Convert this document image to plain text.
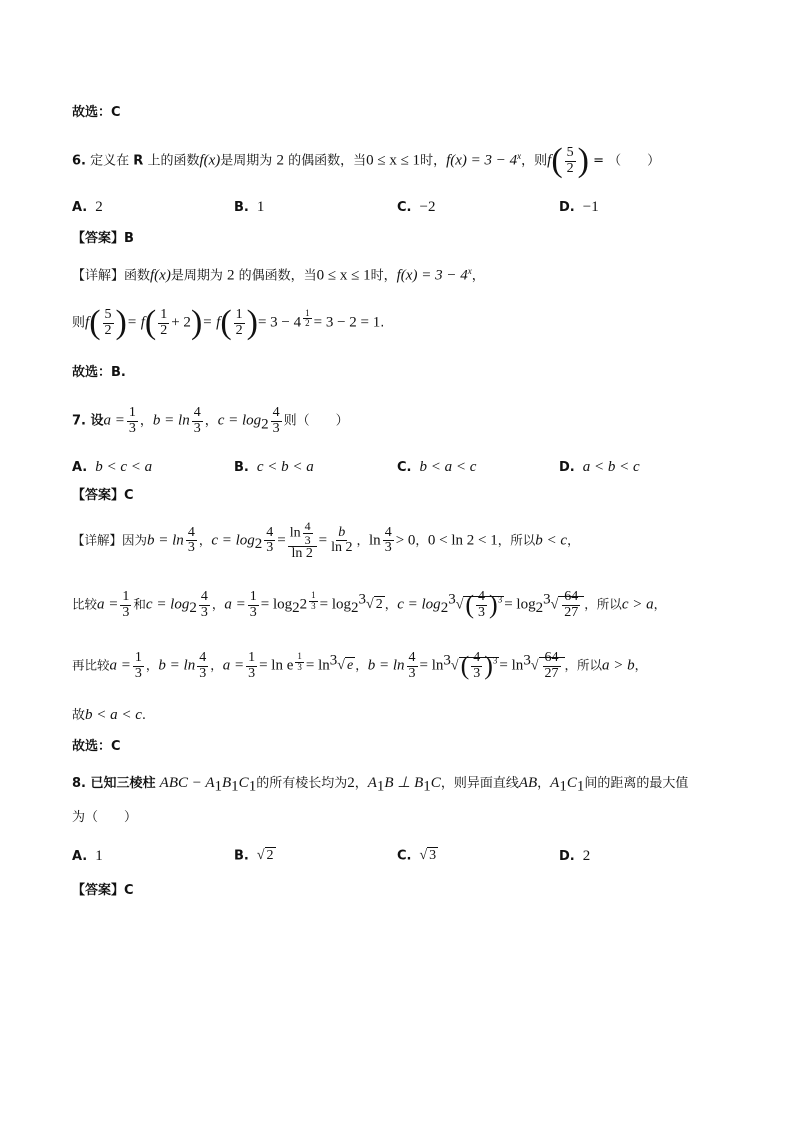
故选：C
6. 定义在 R 上的函数f(x)是周期为 2 的偶函数，当0 ≤ x ≤ 1时，$f(x) = 3 - 4^x$，则$f( \frac{5}{2}$ ) = （　　）
A. 2	B. 1	C. −2	D. −1
【答案】B
【详解】函数f(x)是周期为 2 的偶函数，当0 ≤ x ≤ 1时，$f(x) = 3 - 4^x$，
则$f( \frac{5}{2}$ )= $f( \frac{1}{2} + 2)= f( \frac{1}{2}$ )= 3 − 4 $^{\frac{1}{2}}$ = 3 − 2 = 1.
故选：B.
7. 设$a = \frac{1}{3}$ ，$b = \ln \frac{4}{3}$ ，$c = \log_2 \frac{4}{3}$ 则（　　）
A. b < c < a	B. c < b < a	C. b < a < c	D. a < b < c
【答案】C
【详解】因为$b = \ln \frac{4}{3}$ ，$c = \log_2 \frac{4}{3} = \frac{\ln \frac{4}{3}}{\ln 2} = \frac{b}{\ln 2}$ ，$\ln \frac{4}{3} > 0$，0 < ln 2 < 1，所以b < c，
比较$a = \frac{1}{3}$ 和$c = \log_2 \frac{4}{3}$ ，$a = \frac{1}{3} = \log_22$ $^{\frac{1}{3}} = \log_2^3√$ 2 ，$c = \log_2^3√( \frac{4}{3} )^3 = \log_2^3√ \frac{64}{27}$ ，所以c > a，
再比较$a = \frac{1}{3}$ ，$b = \ln \frac{4}{3}$ ，$a = \frac{1}{3} = \ln e$ $^{\frac{1}{3}} = \ln^3√$ e ，$b = \ln \frac{4}{3} = \ln^3√( \frac{4}{3} )^3 = \ln^3√ \frac{64}{27}$ ，所以a > b，
故b < a < c.
故选：C
8. 已知三棱柱 ABC − $A_1B_1C_1$的所有棱长均为2，$A_1B$ ⊥ $B_1C$，则异面直线AB，$A_1C_1$间的距离的最大值
为（　　）
A. 1	B. √ 2	C. √ 3	D. 2
【答案】C
